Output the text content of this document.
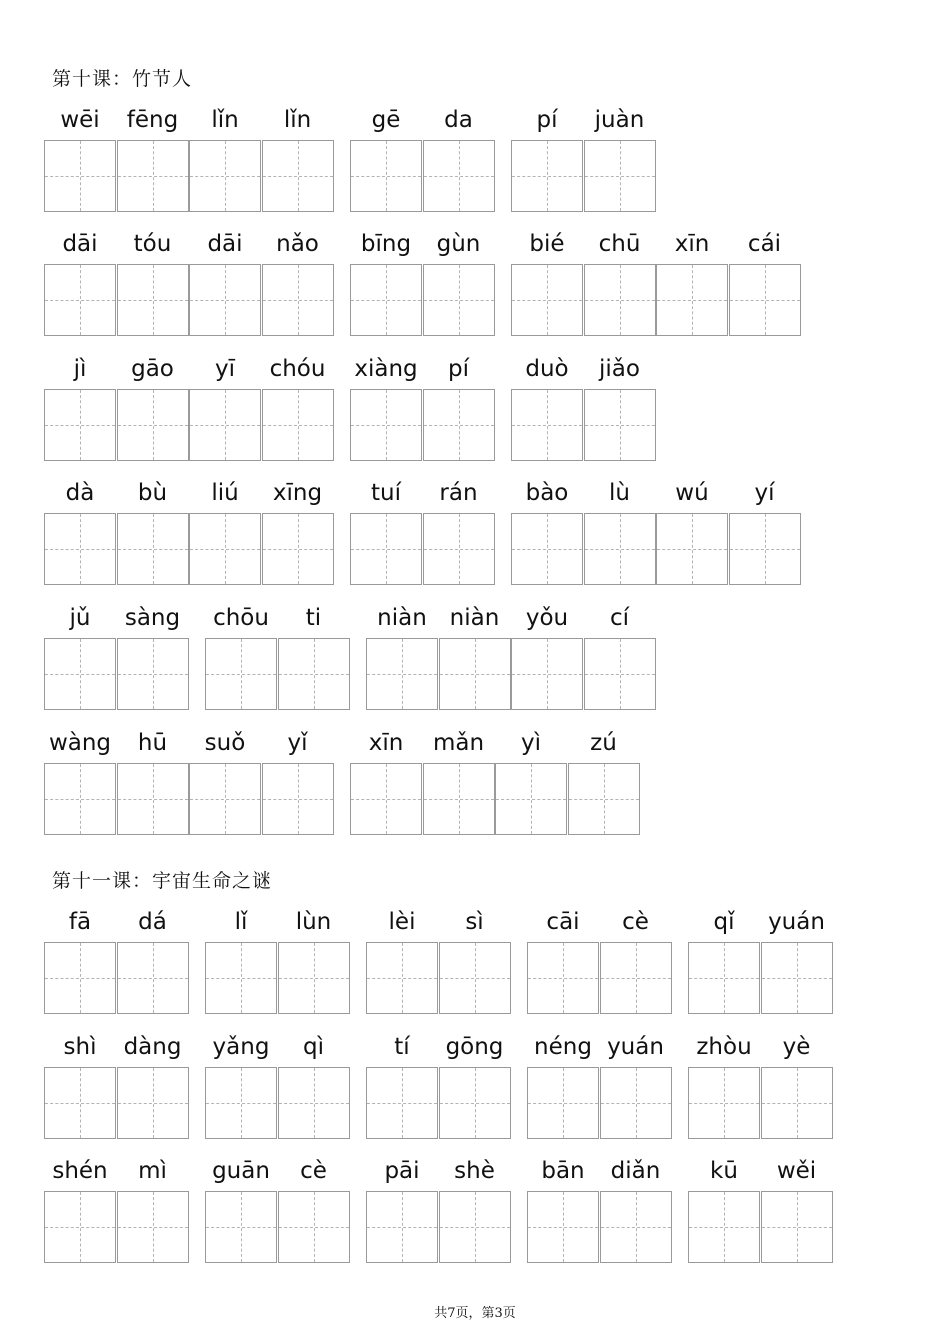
第十课：竹节人
wēi	fēng	lǐn	lǐn	gē	da	pí	juàn
dāi	tóu	dāi	nǎo	bīng	gùn	bié	chū	xīn	cái
jì	gāo	yī	chóu	xiàng	pí	duò	jiǎo
dà	bù	liú	xīng	tuí	rán	bào	lù	wú	yí
jǔ	sàng	chōu	ti	niàn niàn	yǒu	cí
wàng	hū	suǒ	yǐ	xīn	mǎn	yì	zú
第十一课：宇宙生命之谜
fā	dá	lǐ	lùn	lèi	sì	cāi	cè	qǐ	yuán
shì	dàng	yǎng	qì	tí	gōng	néng yuán	zhòu	yè
shén	mì	guān	cè	pāi	shè	bān	diǎn	kū	wěi
共7页，第3页
